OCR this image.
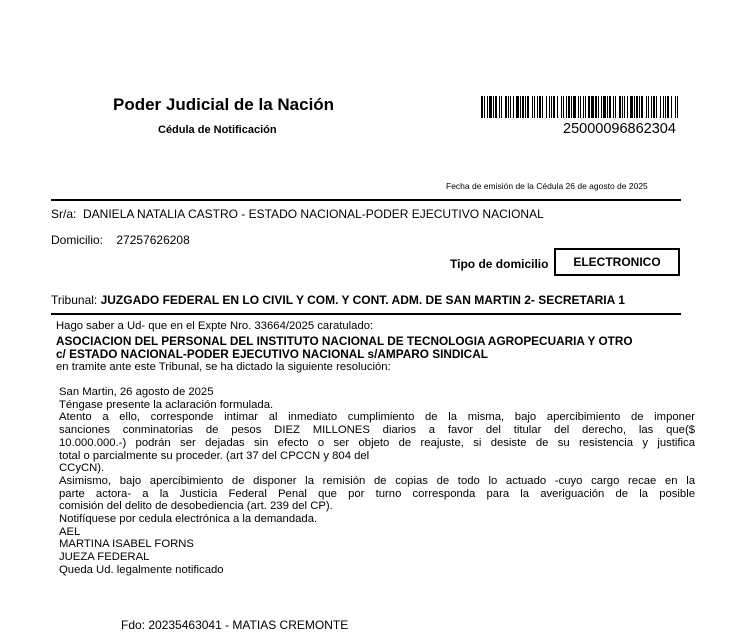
Poder Judicial de la Nación
Cédula de Notificación	25000096862304
Fecha de emisión de la Cédula 26 de agosto de 2025
Sr/a: DANIELA NATALIA CASTRO - ESTADO NACIONAL-PODER EJECUTIVO NACIONAL
Domicilio: 27257626208
Tipo de domicilio ELECTRONICO
Tribunal: JUZGADO FEDERAL EN LO CIVIL Y COM. Y CONT. ADM. DE SAN MARTIN 2- SECRETARIA 1
Hago saber a Ud- que en el Expte Nro. 33664/2025 caratulado:
ASOCIACION DEL PERSONAL DEL INSTITUTO NACIONAL DE TECNOLOGIA AGROPECUARIA Y OTRO
c/ ESTADO NACIONAL-PODER EJECUTIVO NACIONAL s/AMPARO SINDICAL
en tramite ante este Tribunal, se ha dictado la siguiente resolución:
San Martin, 26 agosto de 2025
Téngase presente la aclaración formulada.
Atento a ello, corresponde intimar al inmediato cumplimiento de la misma, bajo apercibimiento de imponer
sanciones conminatorias de pesos DIEZ MILLONES diarios a favor del titular del derecho, las que($
10.000.000.-) podrán ser dejadas sin efecto o ser objeto de reajuste, si desiste de su resistencia y justifica
total o parcialmente su proceder. (art 37 del CPCCN y 804 del
CCyCN).
Asimismo, bajo apercibimiento de disponer la remisión de copias de todo lo actuado -cuyo cargo recae en la
parte actora- a la Justicia Federal Penal que por turno corresponda para la averiguación de la posible
comisión del delito de desobediencia (art. 239 del CP).
Notifíquese por cedula electrónica a la demandada.
AEL
MARTINA ISABEL FORNS
JUEZA FEDERAL
Queda Ud. legalmente notificado
Fdo: 20235463041 - MATIAS CREMONTE
